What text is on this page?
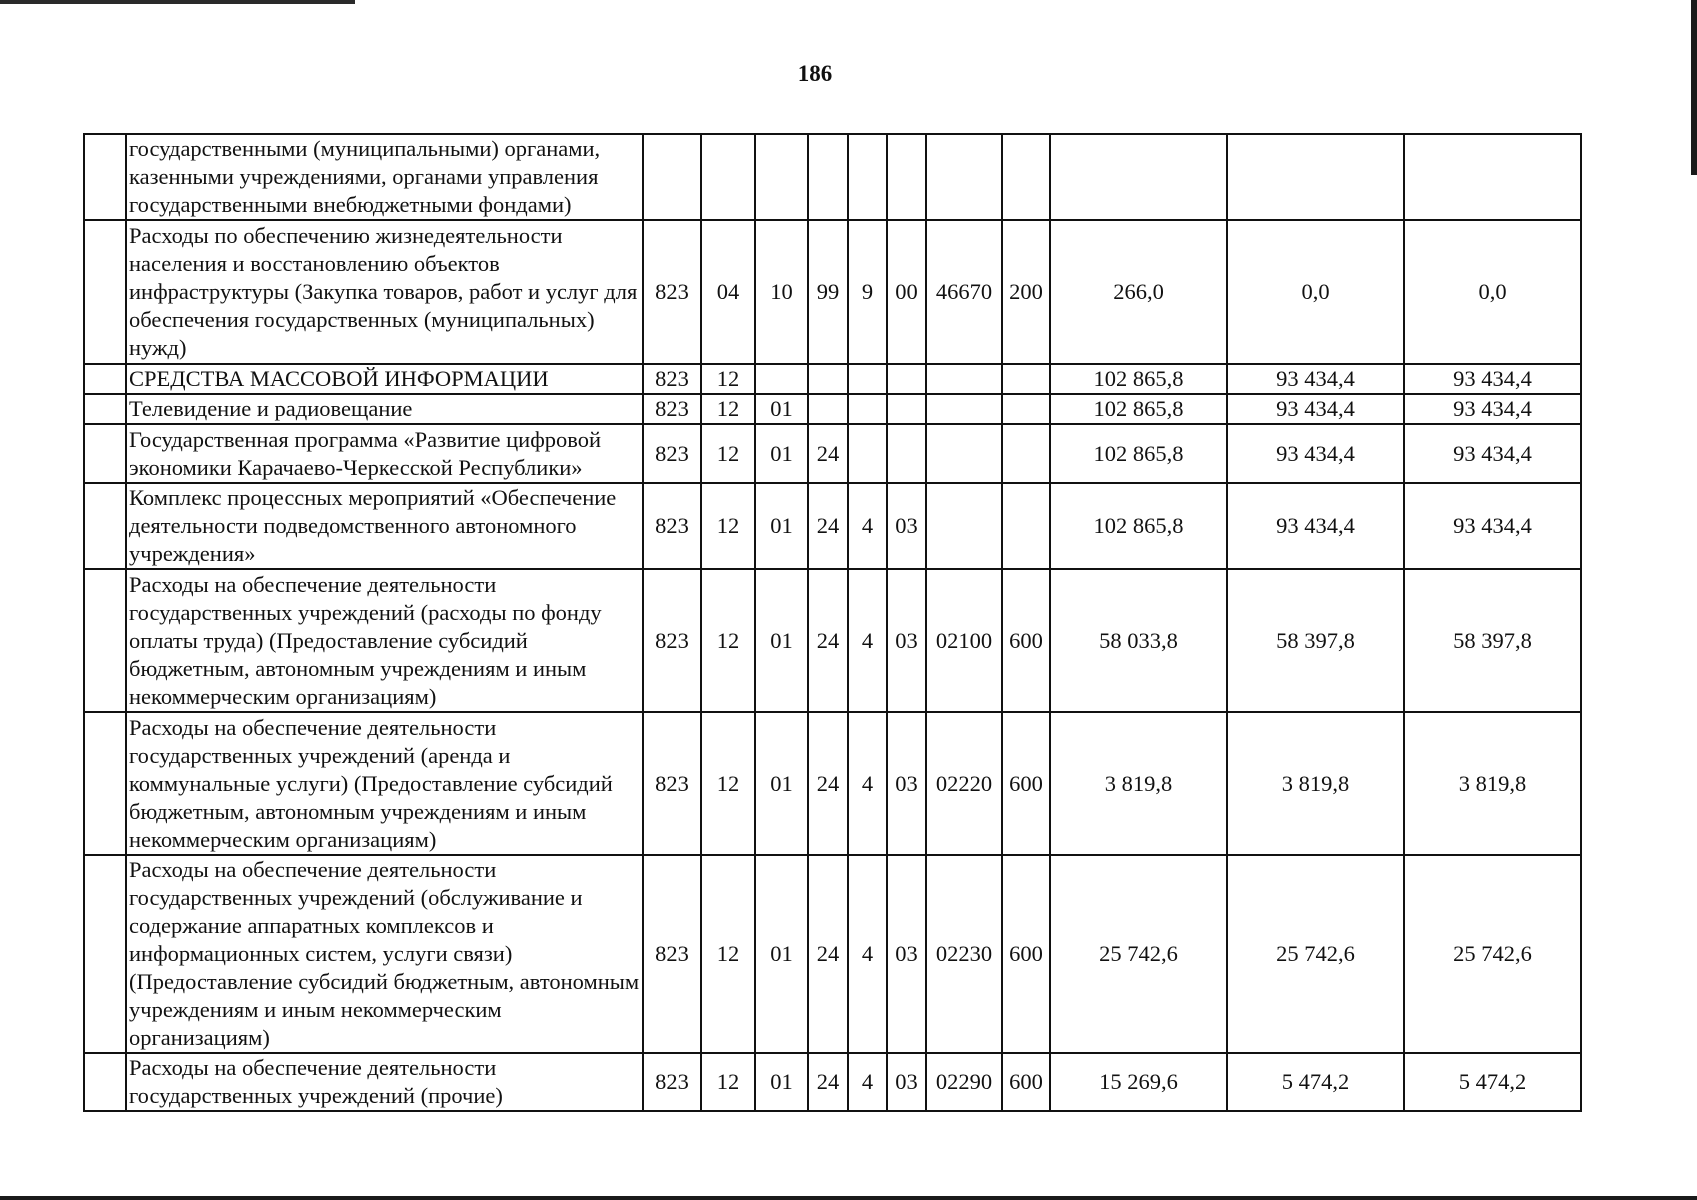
186
	государственными (муниципальными) органами, казенными учреждениями, органами управления государственными внебюджетными фондами)											
	Расходы по обеспечению жизнедеятельности населения и восстановлению объектов инфраструктуры (Закупка товаров, работ и услуг для обеспечения государственных (муниципальных) нужд)	823	04	10	99	9	00	46670	200	266,0	0,0	0,0
	СРЕДСТВА МАССОВОЙ ИНФОРМАЦИИ	823	12							102 865,8	93 434,4	93 434,4
	Телевидение и радиовещание	823	12	01						102 865,8	93 434,4	93 434,4
	Государственная программа «Развитие цифровой экономики Карачаево-Черкесской Республики»	823	12	01	24					102 865,8	93 434,4	93 434,4
	Комплекс процессных мероприятий «Обеспечение деятельности подведомственного автономного учреждения»	823	12	01	24	4	03			102 865,8	93 434,4	93 434,4
	Расходы на обеспечение деятельности государственных учреждений (расходы по фонду оплаты труда) (Предоставление субсидий бюджетным, автономным учреждениям и иным некоммерческим организациям)	823	12	01	24	4	03	02100	600	58 033,8	58 397,8	58 397,8
	Расходы на обеспечение деятельности государственных учреждений (аренда и коммунальные услуги) (Предоставление субсидий бюджетным, автономным учреждениям и иным некоммерческим организациям)	823	12	01	24	4	03	02220	600	3 819,8	3 819,8	3 819,8
	Расходы на обеспечение деятельности государственных учреждений (обслуживание и содержание аппаратных комплексов и информационных систем, услуги связи) (Предоставление субсидий бюджетным, автономным учреждениям и иным некоммерческим организациям)	823	12	01	24	4	03	02230	600	25 742,6	25 742,6	25 742,6
	Расходы на обеспечение деятельности государственных учреждений (прочие)	823	12	01	24	4	03	02290	600	15 269,6	5 474,2	5 474,2
